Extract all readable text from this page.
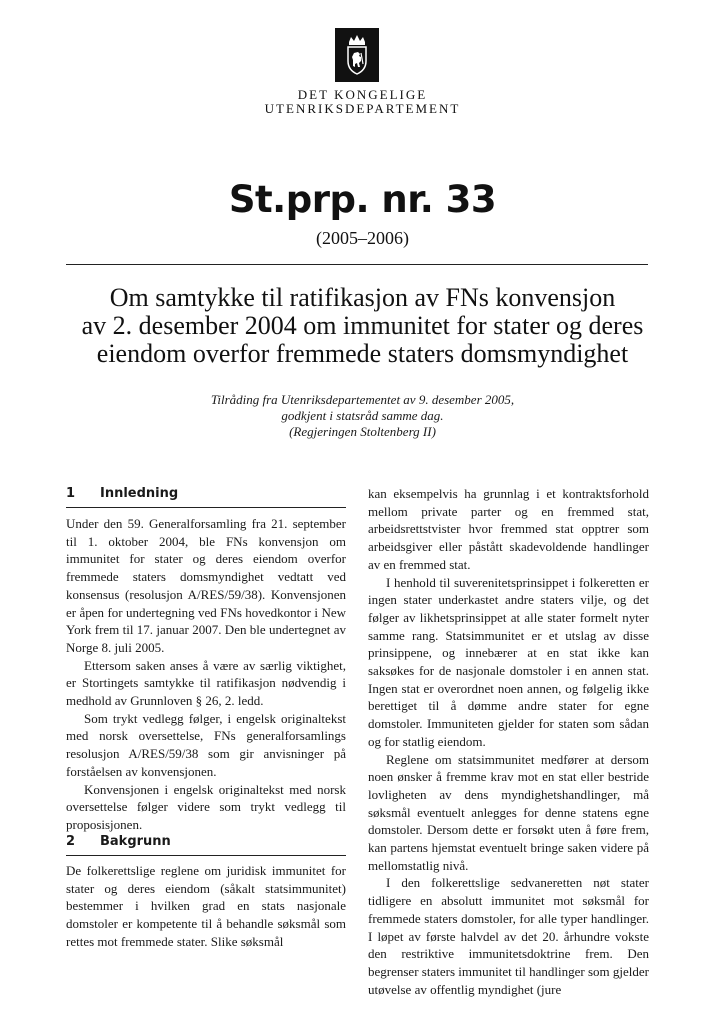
DET KONGELIGE
UTENRIKSDEPARTEMENT
St.prp. nr. 33
(2005–2006)
Om samtykke til ratifikasjon av FNs konvensjon
av 2. desember 2004 om immunitet for stater og deres
eiendom overfor fremmede staters domsmyndighet
Tilråding fra Utenriksdepartementet av 9. desember 2005,
godkjent i statsråd samme dag.
(Regjeringen Stoltenberg II)
1 Innledning

Under den 59. Generalforsamling fra 21. september til 1. oktober 2004, ble FNs konvensjon om immunitet for stater og deres eiendom overfor fremmede staters domsmyndighet vedtatt ved konsensus (resolusjon A/RES/59/38). Konvensjonen er åpen for undertegning ved FNs hovedkontor i New York frem til 17. januar 2007. Den ble undertegnet av Norge 8. juli 2005.

Ettersom saken anses å være av særlig viktighet, er Stortingets samtykke til ratifikasjon nødvendig i medhold av Grunnloven § 26, 2. ledd.

Som trykt vedlegg følger, i engelsk originaltekst med norsk oversettelse, FNs generalforsamlings resolusjon A/RES/59/38 som gir anvisninger på forståelsen av konvensjonen.

Konvensjonen i engelsk originaltekst med norsk oversettelse følger videre som trykt vedlegg til proposisjonen.

2 Bakgrunn

De folkerettslige reglene om juridisk immunitet for stater og deres eiendom (såkalt statsimmunitet) bestemmer i hvilken grad en stats nasjonale domstoler er kompetente til å behandle søksmål som rettes mot fremmede stater. Slike søksmål

kan eksempelvis ha grunnlag i et kontraktsforhold mellom private parter og en fremmed stat, arbeidsrettstvister hvor fremmed stat opptrer som arbeidsgiver eller påstått skadevoldende handlinger av en fremmed stat.

I henhold til suverenitetsprinsippet i folkeretten er ingen stater underkastet andre staters vilje, og det følger av likhetsprinsippet at alle stater formelt nyter samme rang. Statsimmunitet er et utslag av disse prinsippene, og innebærer at en stat ikke kan saksøkes for de nasjonale domstoler i en annen stat. Ingen stat er overordnet noen annen, og følgelig ikke berettiget til å dømme andre stater for egne domstoler. Immuniteten gjelder for staten som sådan og for statlig eiendom.

Reglene om statsimmunitet medfører at dersom noen ønsker å fremme krav mot en stat eller bestride lovligheten av dens myndighetshandlinger, må søksmål eventuelt anlegges for denne statens egne domstoler. Dersom dette er forsøkt uten å føre frem, kan partens hjemstat eventuelt bringe saken videre på mellomstatlig nivå.

I den folkerettslige sedvaneretten nøt stater tidligere en absolutt immunitet mot søksmål for fremmede staters domstoler, for alle typer handlinger. I løpet av første halvdel av det 20. århundre vokste den restriktive immunitetsdoktrine frem. Den begrenser staters immunitet til handlinger som gjelder utøvelse av offentlig myndighet (jure
